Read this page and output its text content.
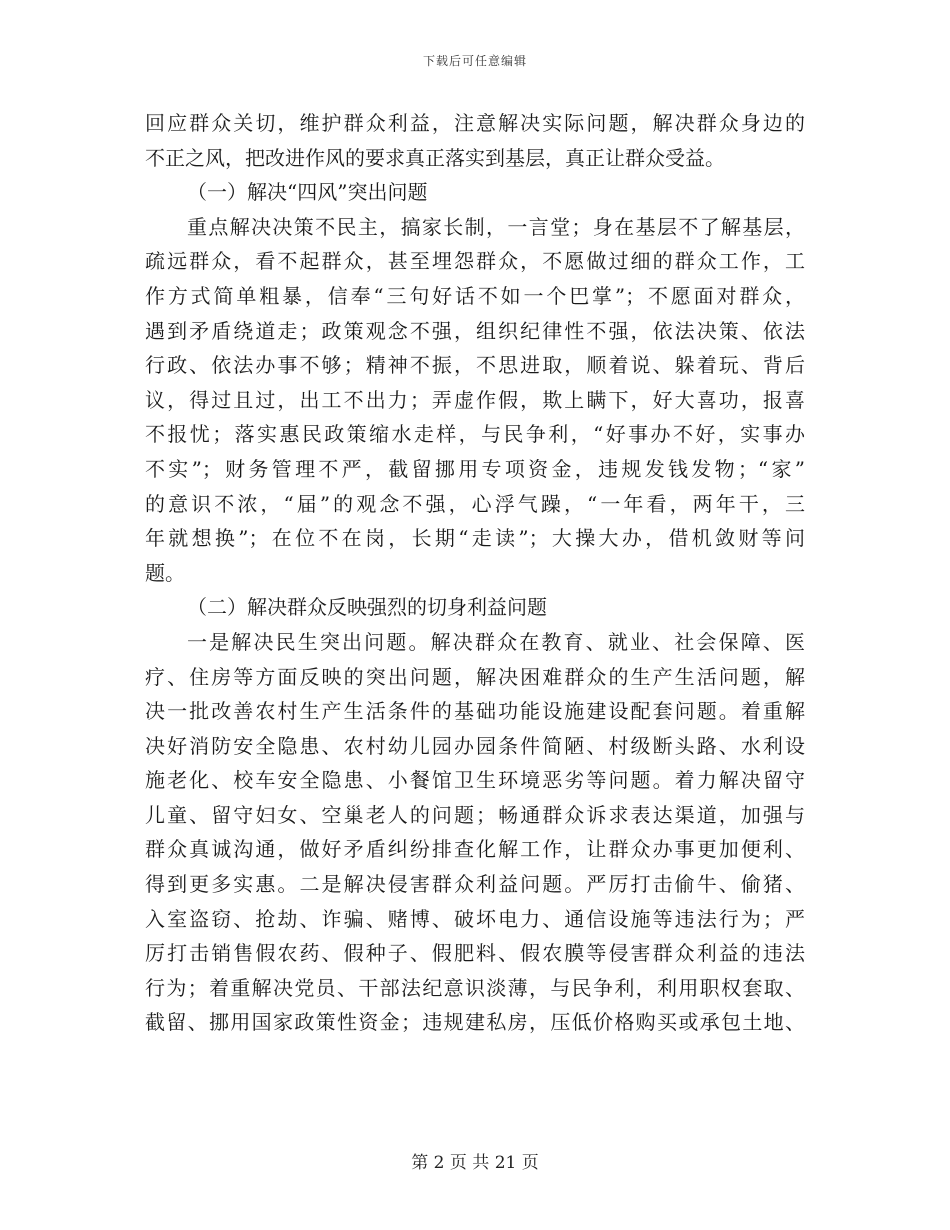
下载后可任意编辑
回应群众关切，维护群众利益，注意解决实际问题，解决群众身边的
不正之风，把改进作风的要求真正落实到基层，真正让群众受益。
（一）解决“四风”突出问题
重点解决决策不民主，搞家长制，一言堂；身在基层不了解基层，
疏远群众，看不起群众，甚至埋怨群众，不愿做过细的群众工作，工
作方式简单粗暴，信奉“三句好话不如一个巴掌”；不愿面对群众，
遇到矛盾绕道走；政策观念不强，组织纪律性不强，依法决策、依法
行政、依法办事不够；精神不振，不思进取，顺着说、躲着玩、背后
议，得过且过，出工不出力；弄虚作假，欺上瞒下，好大喜功，报喜
不报忧；落实惠民政策缩水走样，与民争利，“好事办不好，实事办
不实”；财务管理不严，截留挪用专项资金，违规发钱发物；“家”
的意识不浓，“届”的观念不强，心浮气躁，“一年看，两年干，三
年就想换”；在位不在岗，长期“走读”；大操大办，借机敛财等问
题。
（二）解决群众反映强烈的切身利益问题
一是解决民生突出问题。解决群众在教育、就业、社会保障、医
疗、住房等方面反映的突出问题，解决困难群众的生产生活问题，解
决一批改善农村生产生活条件的基础功能设施建设配套问题。着重解
决好消防安全隐患、农村幼儿园办园条件简陋、村级断头路、水利设
施老化、校车安全隐患、小餐馆卫生环境恶劣等问题。着力解决留守
儿童、留守妇女、空巢老人的问题；畅通群众诉求表达渠道，加强与
群众真诚沟通，做好矛盾纠纷排查化解工作，让群众办事更加便利、
得到更多实惠。二是解决侵害群众利益问题。严厉打击偷牛、偷猪、
入室盗窃、抢劫、诈骗、赌博、破坏电力、通信设施等违法行为；严
厉打击销售假农药、假种子、假肥料、假农膜等侵害群众利益的违法
行为；着重解决党员、干部法纪意识淡薄，与民争利，利用职权套取、
截留、挪用国家政策性资金；违规建私房，压低价格购买或承包土地、
第 2 页 共 21 页
